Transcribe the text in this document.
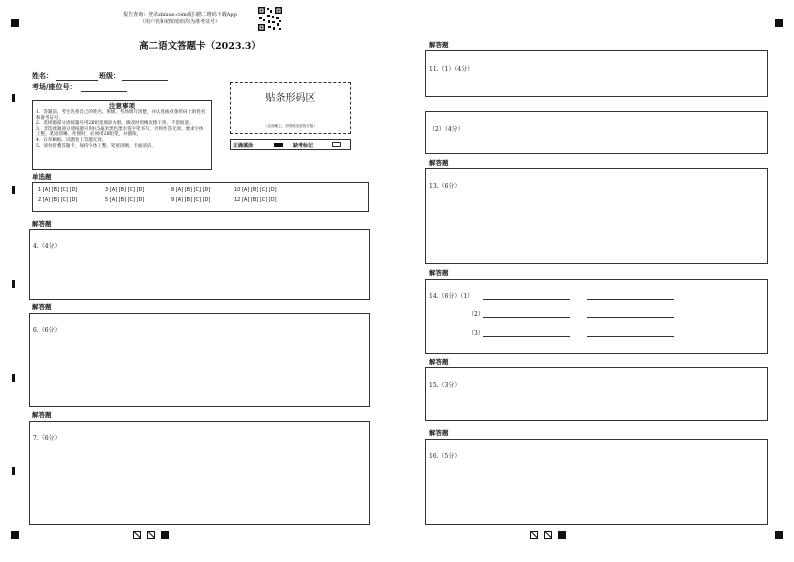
报告查询：登录zhixue.com或扫描二维码下载App
（用户名和初始密码均为准考证号）
高二语文答题卡（2023.3）
姓名：	班级：
考场/座位号：
注意事项
1．答题前，考生先将自己的姓名、班级、考场填写清楚，并认真核对条形码上的姓名和准考证号。
2．选择题部分请按题号用2B铅笔填涂方框，修改时用橡皮擦干净，不留痕迹。
3．非选择题部分请按题号用0.5毫米黑色墨水签字笔书写，否则作答无效。要求字体工整、笔迹清晰。作图时，必须用2B铅笔，并描浓。
4．在草稿纸、试题卷上答题无效。
5．请勿折叠答题卡，保持字体工整、笔迹清晰，卡面清洁。
贴条形码区
（正面朝上，切勿贴出虚线方框）
正确填涂	缺考标记
单选题
1 [A] [B] [C] [D]	3 [A] [B] [C] [D]	8 [A] [B] [C] [D]	10 [A] [B] [C] [D]
2 [A] [B] [C] [D]	5 [A] [B] [C] [D]	9 [A] [B] [C] [D]	12 [A] [B] [C] [D]
解答题
4.（4分）
解答题
6.（6分）
解答题
7.（6分）
解答题
11.（1）（4分）
（2）（4分）
解答题
13.（6分）
解答题
14.（6分）（1）
（2）
（3）
解答题
15.（3分）
解答题
16.（5分）
